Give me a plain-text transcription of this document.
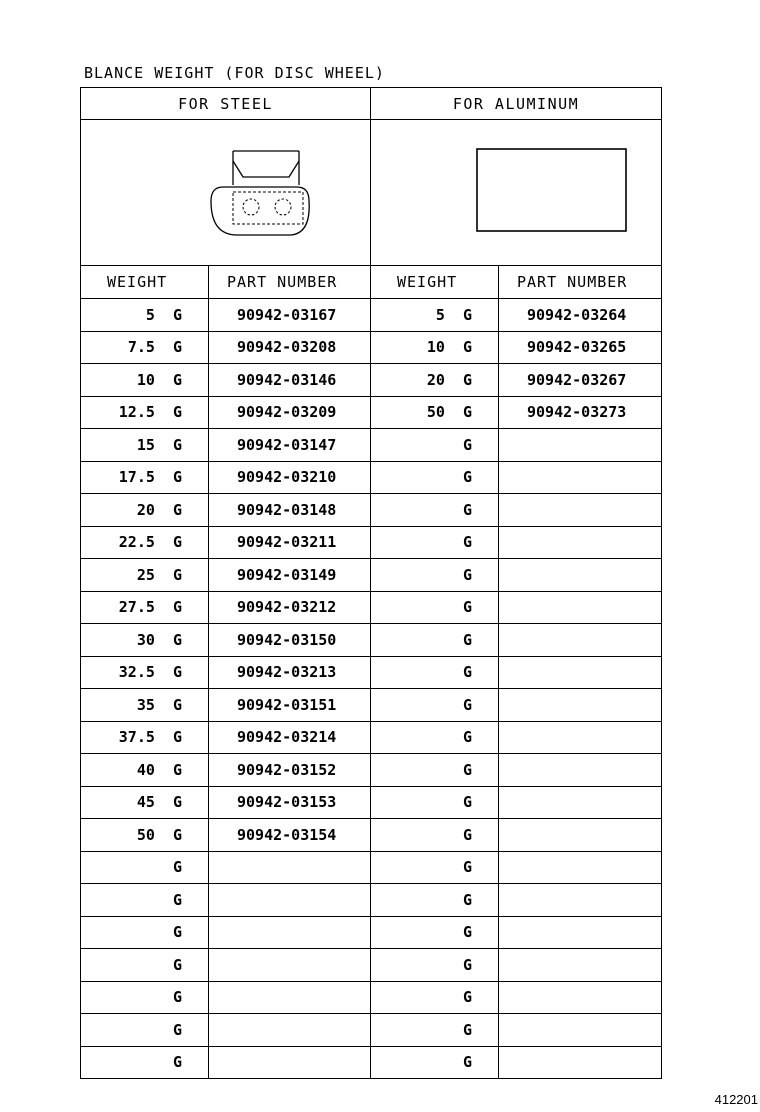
BLANCE WEIGHT (FOR DISC WHEEL)
FOR STEEL		FOR ALUMINUM	

WEIGHT	PART NUMBER	WEIGHT	PART NUMBER
5  G	90942-03167	5  G	90942-03264
7.5  G	90942-03208	10  G	90942-03265
10  G	90942-03146	20  G	90942-03267
12.5  G	90942-03209	50  G	90942-03273
15  G	90942-03147	G	
17.5  G	90942-03210	G	
20  G	90942-03148	G	
22.5  G	90942-03211	G	
25  G	90942-03149	G	
27.5  G	90942-03212	G	
30  G	90942-03150	G	
32.5  G	90942-03213	G	
35  G	90942-03151	G	
37.5  G	90942-03214	G	
40  G	90942-03152	G	
45  G	90942-03153	G	
50  G	90942-03154	G	
G		G	
G		G	
G		G	
G		G	
G		G	
G		G	
G		G	
412201
